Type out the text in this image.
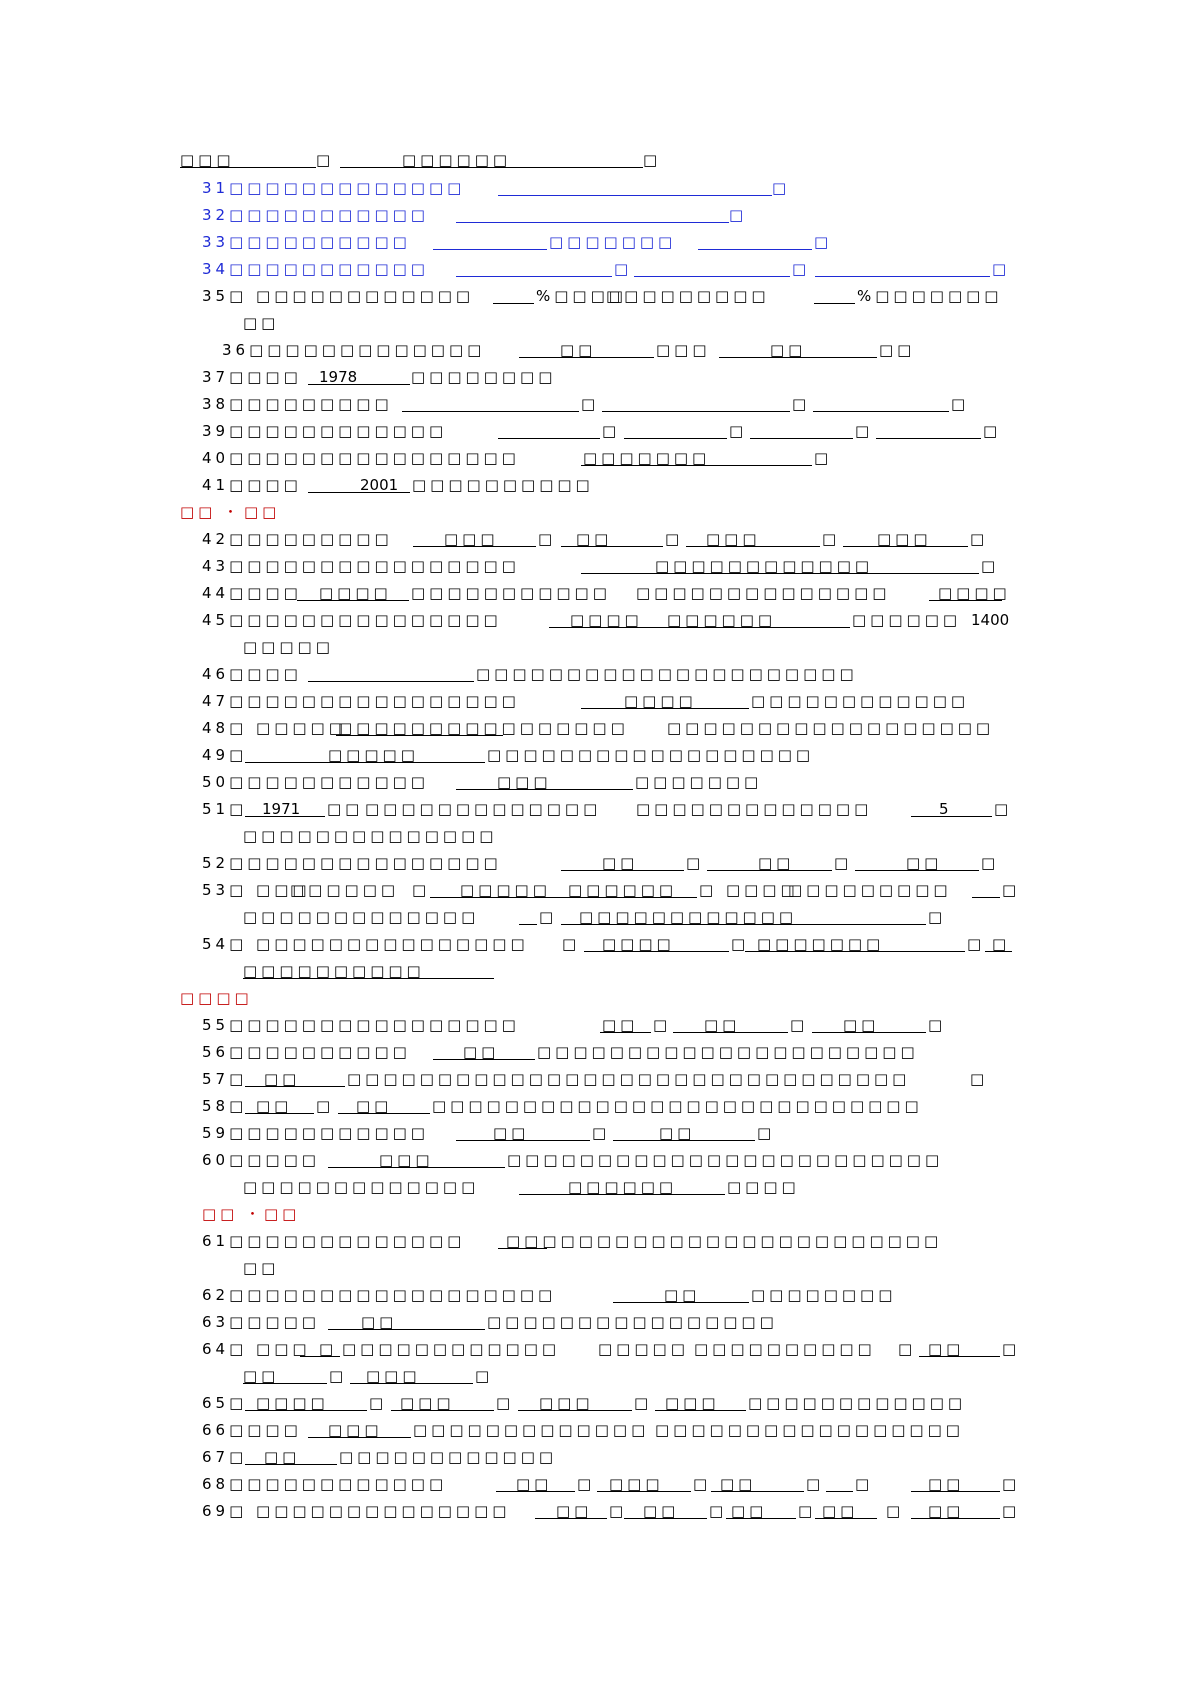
□□□	□	□□□□□□	□
31□□□□□□□□□□□□□	□
32□□□□□□□□□□□	□
33□□□□□□□□□□	□□□□□□□	□
34□□□□□□□□□□□	□	□	□
35□ □□□□□□□□□□□□	%□□□□
□□□□□□□□□	%□□□□□□□
□□
36□□□□□□□□□□□□□	□□	□□□	□□	□□
37□□□□ 1978	□□□□□□□□
38□□□□□□□□□	□	□	□
39□□□□□□□□□□□□	□	□	□	□
40□□□□□□□□□□□□□□□□	□□□□□□□	□
41□□□□	2001 □□□□□□□□□□
□□ ・ □□
42□□□□□□□□□	□□□	□ □□	□ □□□	□ □□□	□
43□□□□□□□□□□□□□□□□	□□□□□□□□□□□□	□
44□□□□ □□□□ □□□□□□□□□□□ □□□□□□□□□□□□□□	□□□□
45□□□□□□□□□□□□□□□	□□□□ □□□□□□	□□□□□□ 1400
□□□□□
46□□□□	□□□□□□□□□□□□□□□□□□□□□
47□□□□□□□□□□□□□□□□	□□□□	□□□□□□□□□□□□
48□ □□□□□
□□□□□□□□□□□□□□□□	□□□□□□□□□□□□□□□□□□
49□	□□□□□	□□□□□□□□□□□□□□□□□□
50□□□□□□□□□□□	□□□	□□□□□□□
51□ 1971 □□ □□□□□□□□□□□□□ □□□□□□□□□□□□□	5	□
□□□□□□□□□□□□□□
52□□□□□□□□□□□□□□□	□□	□	□□	□	□□	□
53□ □□□
□□□□□□ □ □□□□□ □□□□□□ □ □□□□
□□□□□□□□□	□
□□□□□□□□□□□□□	□ □□□□□□□□□□□□	□
54□ □□□□□□□□□□□□□□□ □ □□□□	□ □□□□□□□	□ □
□□□□□□□□□□
□□□□
55□□□□□□□□□□□□□□□□	□□ □ □□	□ □□	□
56□□□□□□□□□□	□□	□□□□□□□□□□□□□□□□□□□□□
57□ □□	□□□□□□□□□□□□□□□□□□□□□□□□□□□□□□□	□
58□ □□ □ □□	□□□□□□□□□□□□□□□□□□□□□□□□□□□
59□□□□□□□□□□□	□□	□	□□	□
60□□□□□	□□□	□□□□□□□□□□□□□□□□□□□□□□□□
□□□□□□□□□□□□□	□□□□□□	□□□□
□□ ・ □□
61□□□□□□□□□□□□□	□□□□□□□□□□□□□□□□□□□□□□□□
□□
62□□□□□□□□□□□□□□□□□□	□□	□□□□□□□□
63□□□□□	□□	□□□□□□□□□□□□□□□□
64□ □□□ □ □□□□□□□□□□□□	□□□□□ □□□□□□□□□□ □ □□	□
□□	□ □□□	□
65□ □□□□	□ □□□	□ □□□	□ □□□ □□□□□□□□□□□□
66□□□□ □□□ □□□□□□□□□□□□□ □□□□□□□□□□□□□□□□□
67□ □□	□□□□□□□□□□□□
68□□□□□□□□□□□□	□□ □ □□□ □ □□	□ □	□□	□
69□ □□□□□□□□□□□□□□	□□ □ □□ □ □□ □ □□ □ □□	□
